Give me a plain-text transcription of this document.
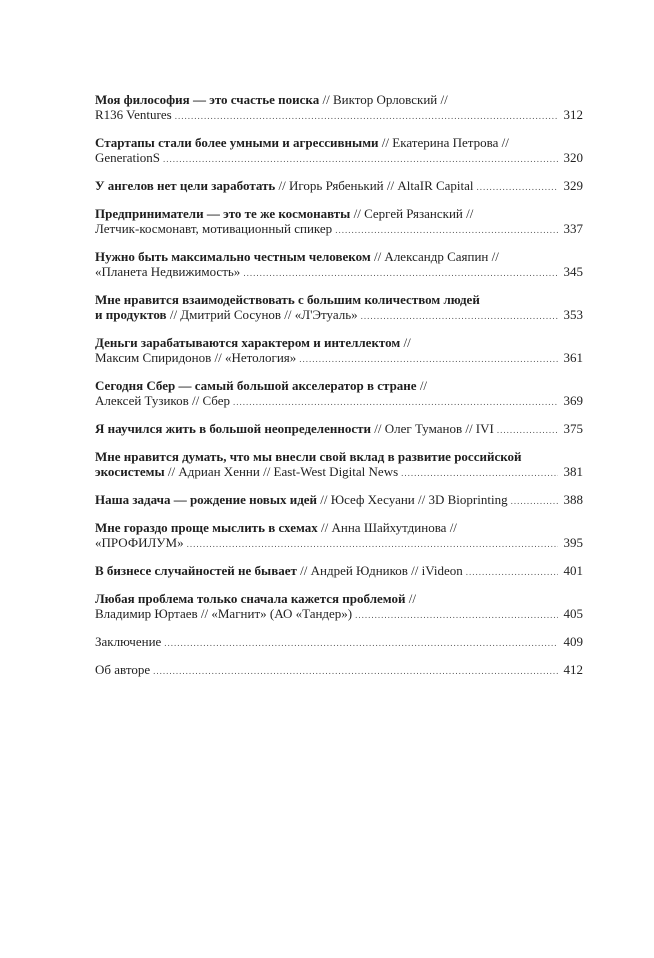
Моя философия — это счастье поиска // Виктор Орловский //
R136 Ventures .....	312
Стартапы стали более умными и агрессивными // Екатерина Петрова //
GenerationS .....	320
У ангелов нет цели заработать // Игорь Рябенький // AltaIR Capital .....	329
Предприниматели — это те же космонавты // Сергей Рязанский //
Летчик-космонавт, мотивационный спикер .....	337
Нужно быть максимально честным человеком // Александр Саяпин //
«Планета Недвижимость» .....	345
Мне нравится взаимодействовать с большим количеством людей
и продуктов // Дмитрий Сосунов // «Л'Этуаль» .....	353
Деньги зарабатываются характером и интеллектом //
Максим Спиридонов // «Нетология» .....	361
Сегодня Сбер — самый большой акселератор в стране //
Алексей Тузиков // Сбер .....	369
Я научился жить в большой неопределенности // Олег Туманов // IVI .....	375
Мне нравится думать, что мы внесли свой вклад в развитие российской
экосистемы // Адриан Хенни // East-West Digital News .....	381
Наша задача — рождение новых идей // Юсеф Хесуани // 3D Bioprinting .....	388
Мне гораздо проще мыслить в схемах // Анна Шайхутдинова //
«ПРОФИЛУМ» .....	395
В бизнесе случайностей не бывает // Андрей Юдников // iVideon .....	401
Любая проблема только сначала кажется проблемой //
Владимир Юртаев // «Магнит» (АО «Тандер») .....	405
Заключение .....	409
Об авторе .....	412
